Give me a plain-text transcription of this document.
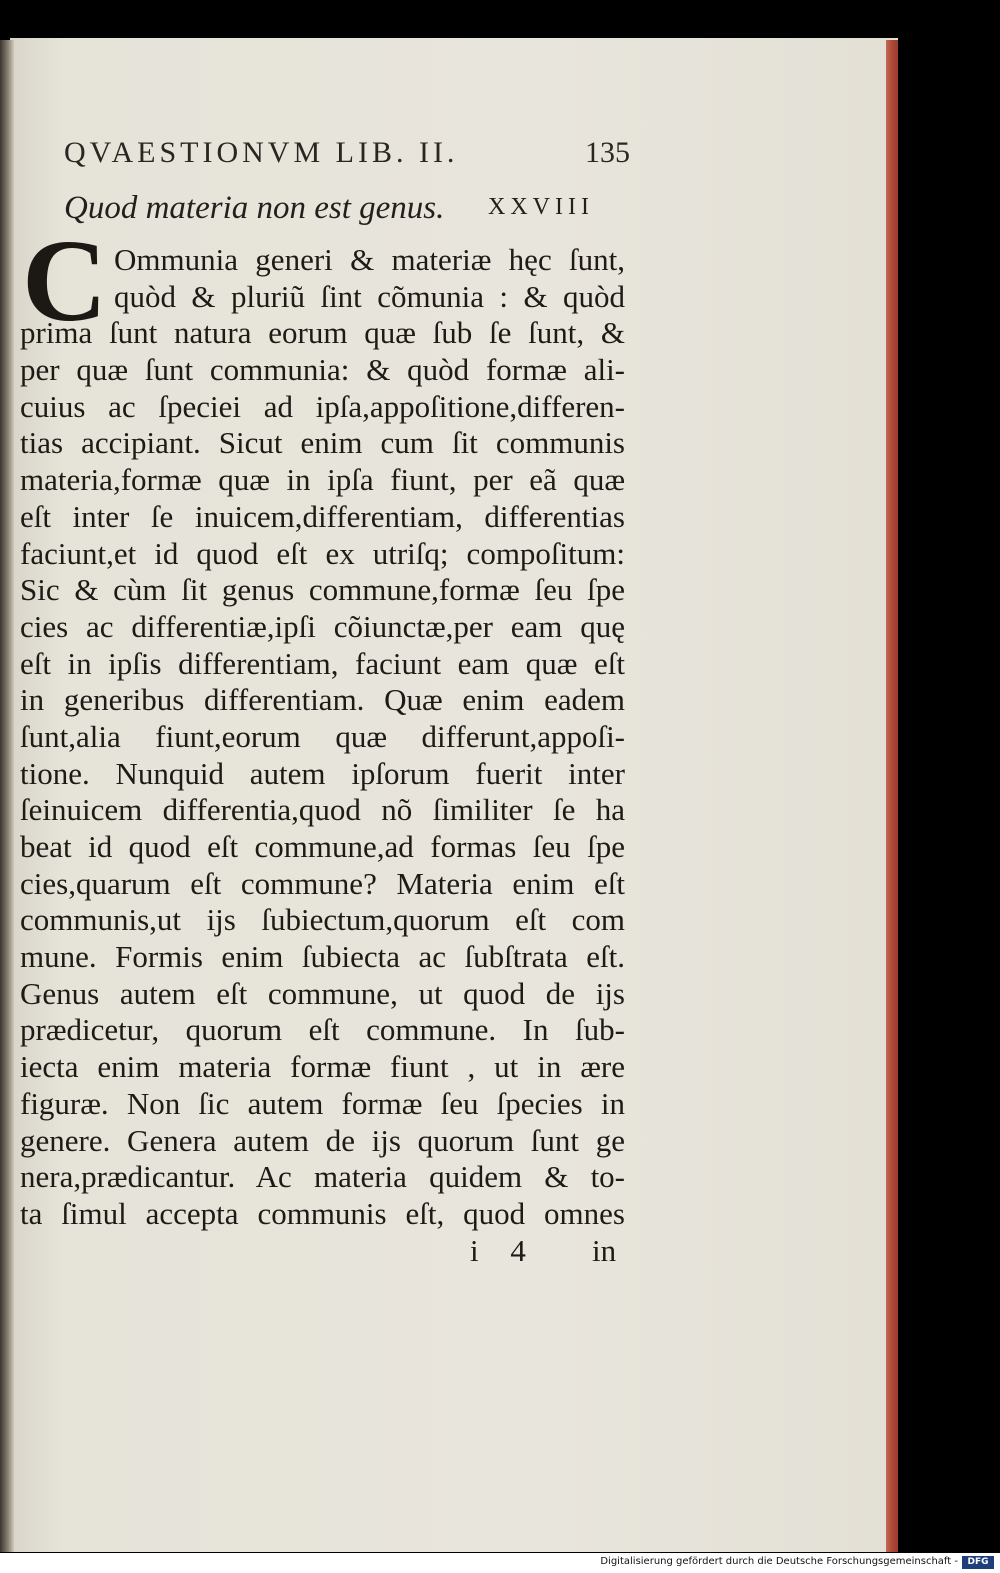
QVAESTIONVM LIB. II.	135
Quod materia non est genus. XXVIII
C Ommunia generi & materiæ hęc ſunt,
quòd & pluriũ ſint cõmunia : & quòd
prima ſunt natura eorum quæ ſub ſe ſunt, &
per quæ ſunt communia: & quòd formæ ali-
cuius ac ſpeciei ad ipſa,appoſitione,differen-
tias accipiant. Sicut enim cum ſit communis
materia,formæ quæ in ipſa fiunt, per eã quæ
eſt inter ſe inuicem,differentiam, differentias
faciunt,et id quod eſt ex utriſq; compoſitum:
Sic & cùm ſit genus commune,formæ ſeu ſpe
cies ac differentiæ,ipſi cõiunctæ,per eam quę
eſt in ipſis differentiam, faciunt eam quæ eſt
in generibus differentiam. Quæ enim eadem
ſunt,alia fiunt,eorum quæ differunt,appoſi-
tione. Nunquid autem ipſorum fuerit inter
ſeinuicem differentia,quod nõ ſimiliter ſe ha
beat id quod eſt commune,ad formas ſeu ſpe
cies,quarum eſt commune? Materia enim eſt
communis,ut ijs ſubiectum,quorum eſt com
mune. Formis enim ſubiecta ac ſubſtrata eſt.
Genus autem eſt commune, ut quod de ijs
prædicetur, quorum eſt commune. In ſub-
iecta enim materia formæ fiunt , ut in ære
figuræ. Non ſic autem formæ ſeu ſpecies in
genere. Genera autem de ijs quorum ſunt ge
nera,prædicantur. Ac materia quidem & to-
ta ſimul accepta communis eſt, quod omnes
i 4 in
Digitalisierung gefördert durch die Deutsche Forschungsgemeinschaft -	DFG
